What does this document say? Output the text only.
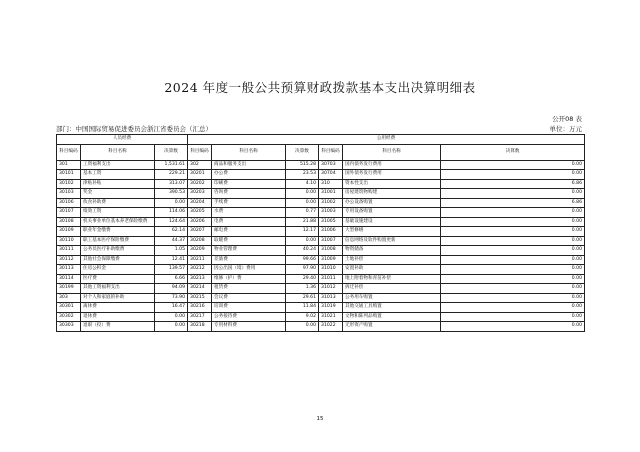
2024 年度一般公共预算财政拨款基本支出决算明细表
公开08 表
部门：中国国际贸易促进委员会浙江省委员会（汇总）	单位：万元
人员经费			公用经费					
科目编码	科目名称	决算数	科目编码	科目名称	决算数	科目编码	科目名称	决算数
301	工资福利支出	1,531.61	302	商品和服务支出	515.28	30703	国内债务发行费用	0.00
30101	基本工资	229.21	30201	办公费	23.53	30704	国外债务发行费用	0.00
30102	津贴补贴	313.07	30202	印刷费	4.10	310	资本性支出	6.86
30103	奖金	390.53	30203	咨询费	0.00	31001	房屋建筑物购建	0.00
30106	伙食补助费	0.00	30204	手续费	0.00	31002	办公设备购置	6.86
30107	绩效工资	114.06	30205	水费	0.77	31003	专用设备购置	0.00
30108	机关事业单位基本养老保险缴费	124.64	30206	电费	21.88	31005	基础设施建设	0.00
30109	职业年金缴费	62.14	30207	邮电费	12.17	31006	大型修缮	0.00
30110	职工基本医疗保险缴费	44.37	30208	取暖费	0.00	31007	信息网络及软件购置更新	0.00
30111	公务员医疗补助缴费	1.05	30209	物业管理费	40.24	31008	物资储备	0.00
30112	其他社会保障缴费	12.41	30211	差旅费	99.66	31009	土地补偿	0.00
30113	住房公积金	139.57	30212	因公出国（境）费用	97.90	31010	安置补助	0.00
30114	医疗费	6.66	30213	维修（护）费	29.40	31011	地上附着物和青苗补偿	0.00
30199	其他工资福利支出	94.09	30214	租赁费	1.36	31012	拆迁补偿	0.00
303	对个人和家庭的补助	73.90	30215	会议费	29.61	31013	公务用车购置	0.00
30301	离休费	16.47	30216	培训费	11.84	31019	其他交通工具购置	0.00
30302	退休费	0.00	30217	公务接待费	9.02	31021	文物和陈列品购置	0.00
30303	退职（役）费	0.00	30218	专用材料费	0.00	31022	无形资产购置	0.00
15
